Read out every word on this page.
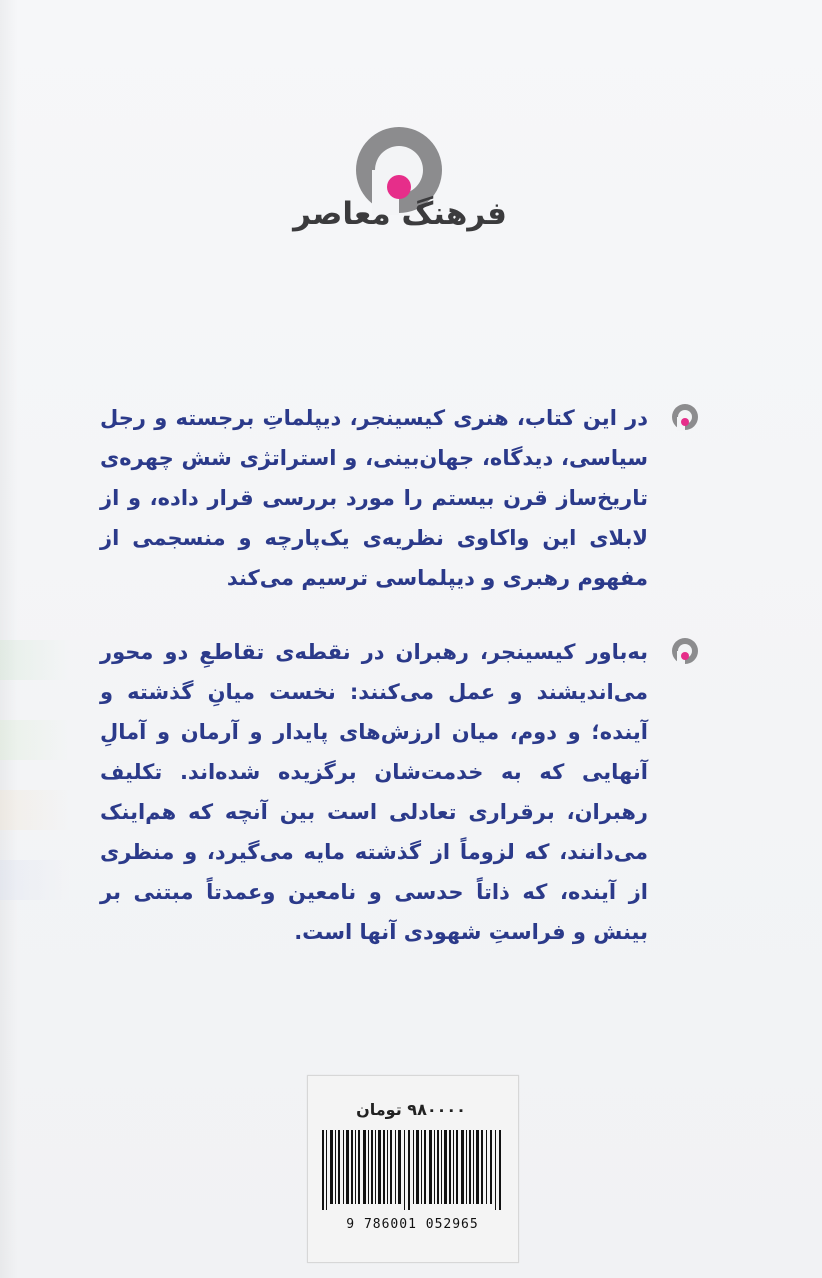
فرهنگ معاصر

در این کتاب، هنری کیسینجر، دیپلماتِ برجسته و رجل سیاسی، دیدگاه، جهان‌بینی، و استراتژی شش چهره‌ی تاریخ‌ساز قرن بیستم را مورد بررسی قرار داده، و از لابلای این واکاوی نظریه‌ی یک‌پارچه و منسجمی از مفهوم رهبری و دیپلماسی ترسیم می‌کند

به‌باور کیسینجر، رهبران در نقطه‌ی تقاطعِ دو محور می‌اندیشند و عمل می‌کنند: نخست میانِ گذشته و آینده؛ و دوم، میان ارزش‌های پایدار و آرمان و آمالِ آنهایی که به خدمت‌شان برگزیده شده‌اند. تکلیف رهبران، برقراری تعادلی است بین آنچه که هم‌اینک می‌دانند، که لزوماً از گذشته مایه می‌گیرد، و منظری از آینده، که ذاتاً حدسی و نامعین وعمدتاً مبتنی بر بینش و فراستِ شهودی آنها است.

۹۸۰۰۰۰ تومان
9 786001 052965
